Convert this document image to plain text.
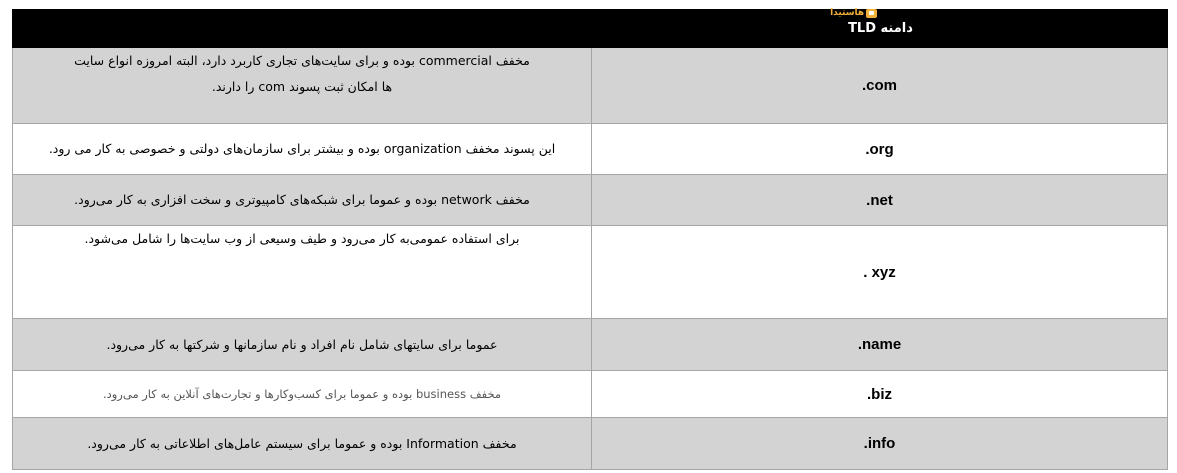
هاستیدا
دامنه TLD	
.com	مخفف commercial بوده و برای سایت‌های تجاری کاربرد دارد، البته امروزه انواع سایت
ها امکان ثبت پسوند com را دارند.

.org	این پسوند مخفف organization بوده و بیشتر برای سازمان‌های دولتی و خصوصی به کار می رود.

.net	مخفف network بوده و عموما برای شبکه‌های کامپیوتری و سخت افزاری به کار می‌رود.

. xyz	برای استفاده عمومی‌به کار می‌رود و طیف وسیعی از وب سایت‌ها را شامل می‌شود.

.name	عموما برای سایتهای شامل نام افراد و نام سازمانها و شرکتها به کار می‌رود.

.biz	مخفف business بوده و عموما برای کسب‌وکارها و تجارت‌های آنلاین به کار می‌رود.

.info	مخفف Information بوده و عموما برای سیستم عامل‌های اطلاعاتی به کار می‌رود.
